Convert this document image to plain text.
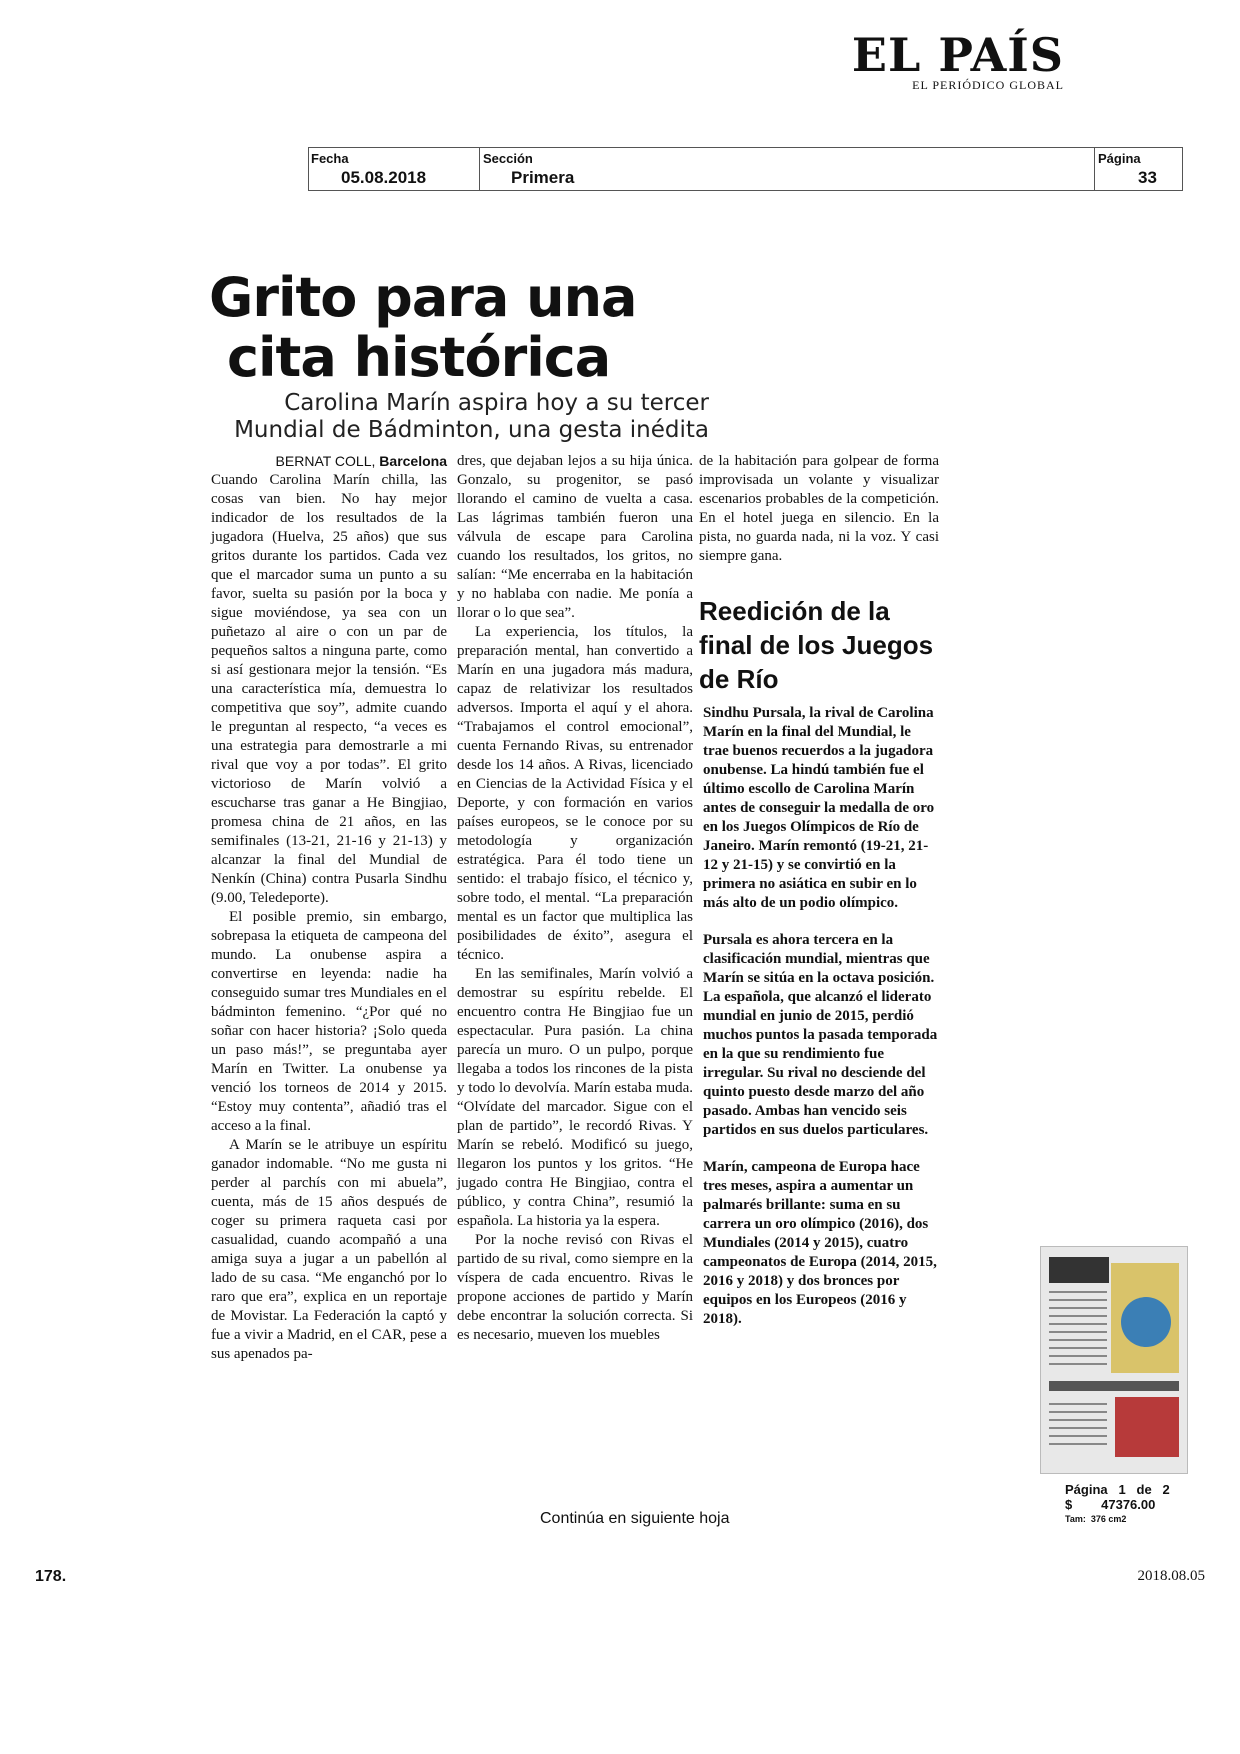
EL PAÍS
EL PERIÓDICO GLOBAL
Fecha
05.08.2018
Sección
Primera
Página
33
Grito para una
cita histórica
Carolina Marín aspira hoy a su tercer Mundial de Bádminton, una gesta inédita
BERNAT COLL, Barcelona

Cuando Carolina Marín chilla, las cosas van bien. No hay mejor indicador de los resultados de la jugadora (Huelva, 25 años) que sus gritos durante los partidos. Cada vez que el marcador suma un punto a su favor, suelta su pasión por la boca y sigue moviéndose, ya sea con un puñetazo al aire o con un par de pequeños saltos a ninguna parte, como si así gestionara mejor la tensión. “Es una característica mía, demuestra lo competitiva que soy”, admite cuando le preguntan al respecto, “a veces es una estrategia para demostrarle a mi rival que voy a por todas”. El grito victorioso de Marín volvió a escucharse tras ganar a He Bingjiao, promesa china de 21 años, en las semifinales (13-21, 21-16 y 21-13) y alcanzar la final del Mundial de Nenkín (China) contra Pusarla Sindhu (9.00, Teledeporte).

El posible premio, sin embargo, sobrepasa la etiqueta de campeona del mundo. La onubense aspira a convertirse en leyenda: nadie ha conseguido sumar tres Mundiales en el bádminton femenino. “¿Por qué no soñar con hacer historia? ¡Solo queda un paso más!”, se preguntaba ayer Marín en Twitter. La onubense ya venció los torneos de 2014 y 2015. “Estoy muy contenta”, añadió tras el acceso a la final.

A Marín se le atribuye un espíritu ganador indomable. “No me gusta ni perder al parchís con mi abuela”, cuenta, más de 15 años después de coger su primera raqueta casi por casualidad, cuando acompañó a una amiga suya a jugar a un pabellón al lado de su casa. “Me enganchó por lo raro que era”, explica en un reportaje de Movistar. La Federación la captó y fue a vivir a Madrid, en el CAR, pese a sus apenados pa-

dres, que dejaban lejos a su hija única. Gonzalo, su progenitor, se pasó llorando el camino de vuelta a casa. Las lágrimas también fueron una válvula de escape para Carolina cuando los resultados, los gritos, no salían: “Me encerraba en la habitación y no hablaba con nadie. Me ponía a llorar o lo que sea”.

La experiencia, los títulos, la preparación mental, han convertido a Marín en una jugadora más madura, capaz de relativizar los resultados adversos. Importa el aquí y el ahora. “Trabajamos el control emocional”, cuenta Fernando Rivas, su entrenador desde los 14 años. A Rivas, licenciado en Ciencias de la Actividad Física y el Deporte, y con formación en varios países europeos, se le conoce por su metodología y organización estratégica. Para él todo tiene un sentido: el trabajo físico, el técnico y, sobre todo, el mental. “La preparación mental es un factor que multiplica las posibilidades de éxito”, asegura el técnico.

En las semifinales, Marín volvió a demostrar su espíritu rebelde. El encuentro contra He Bingjiao fue un espectacular. Pura pasión. La china parecía un muro. O un pulpo, porque llegaba a todos los rincones de la pista y todo lo devolvía. Marín estaba muda. “Olvídate del marcador. Sigue con el plan de partido”, le recordó Rivas. Y Marín se rebeló. Modificó su juego, llegaron los puntos y los gritos. “He jugado contra He Bingjiao, contra el público, y contra China”, resumió la española. La historia ya la espera.

Por la noche revisó con Rivas el partido de su rival, como siempre en la víspera de cada encuentro. Rivas le propone acciones de partido y Marín debe encontrar la solución correcta. Si es necesario, mueven los muebles

de la habitación para golpear de forma improvisada un volante y visualizar escenarios probables de la competición. En el hotel juega en silencio. En la pista, no guarda nada, ni la voz. Y casi siempre gana.

Reedición de la final de los Juegos de Río

Sindhu Pursala, la rival de Carolina Marín en la final del Mundial, le trae buenos recuerdos a la jugadora onubense. La hindú también fue el último escollo de Carolina Marín antes de conseguir la medalla de oro en los Juegos Olímpicos de Río de Janeiro. Marín remontó (19-21, 21-12 y 21-15) y se convirtió en la primera no asiática en subir en lo más alto de un podio olímpico.

Pursala es ahora tercera en la clasificación mundial, mientras que Marín se sitúa en la octava posición. La española, que alcanzó el liderato mundial en junio de 2015, perdió muchos puntos la pasada temporada en la que su rendimiento fue irregular. Su rival no desciende del quinto puesto desde marzo del año pasado. Ambas han vencido seis partidos en sus duelos particulares.

Marín, campeona de Europa hace tres meses, aspira a aumentar un palmarés brillante: suma en su carrera un oro olímpico (2016), dos Mundiales (2014 y 2015), cuatro campeonatos de Europa (2014, 2015, 2016 y 2018) y dos bronces por equipos en los Europeos (2016 y 2018).

Página   1   de   2
$        47376.00
Tam:  376 cm2
Continúa en siguiente hoja
178.	2018.08.05
